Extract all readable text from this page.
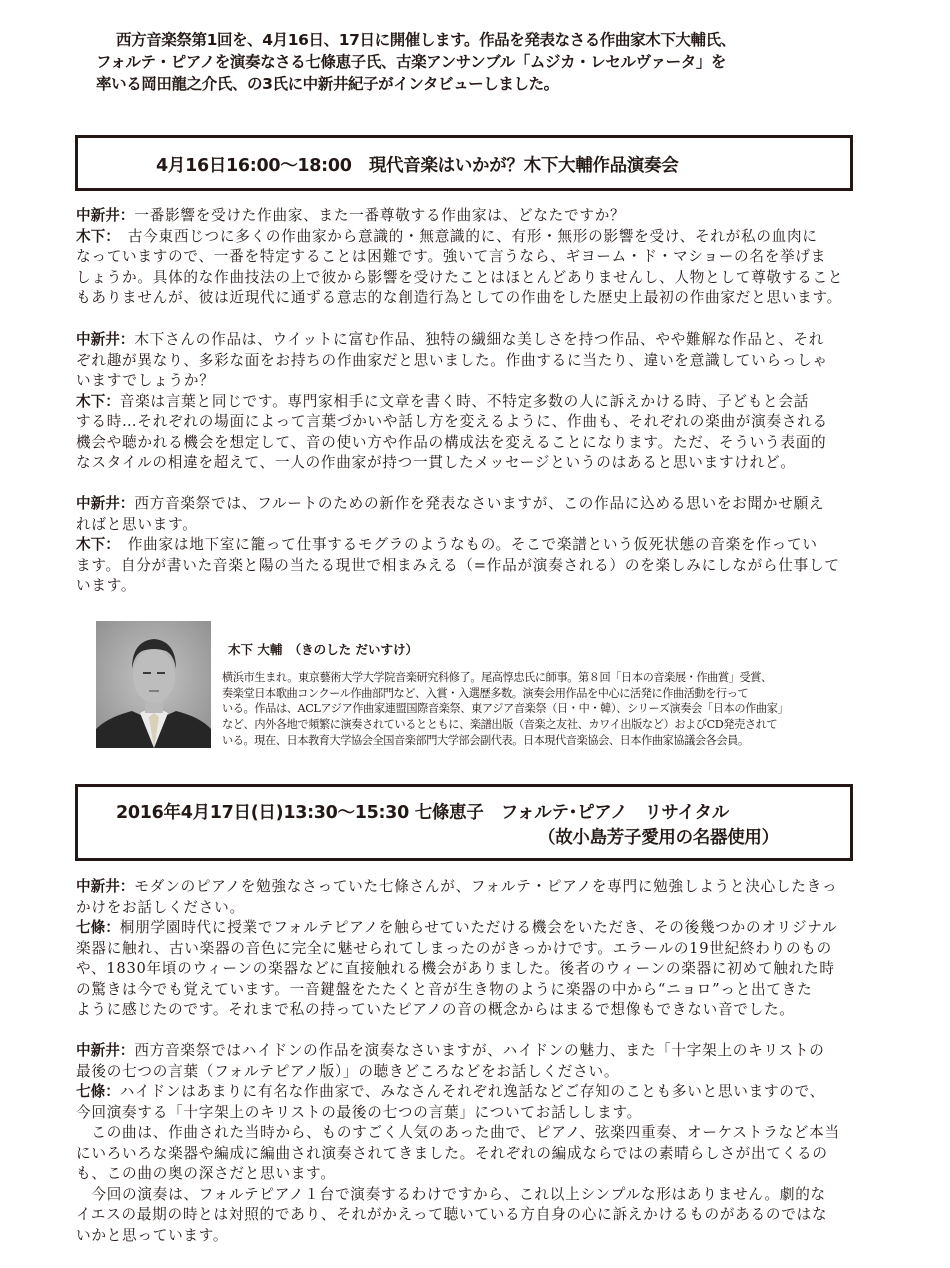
西方音楽祭第1回を、4月16日、17日に開催します。作品を発表なさる作曲家木下大輔氏、

フォルテ・ピアノを演奏なさる七條恵子氏、古楽アンサンブル「ムジカ・レセルヴァータ」を

率いる岡田龍之介氏、の3氏に中新井紀子がインタビューしました。

4月16日16:00～18:00　現代音楽はいかが？木下大輔作品演奏会

中新井：一番影響を受けた作曲家、また一番尊敬する作曲家は、どなたですか？

木下：　古今東西じつに多くの作曲家から意識的・無意識的に、有形・無形の影響を受け、それが私の血肉に

なっていますので、一番を特定することは困難です。強いて言うなら、ギヨーム・ド・マショーの名を挙げま

しょうか。具体的な作曲技法の上で彼から影響を受けたことはほとんどありませんし、人物として尊敬すること

もありませんが、彼は近現代に通ずる意志的な創造行為としての作曲をした歴史上最初の作曲家だと思います。

中新井：木下さんの作品は、ウイットに富む作品、独特の繊細な美しさを持つ作品、やや難解な作品と、それ

ぞれ趣が異なり、多彩な面をお持ちの作曲家だと思いました。作曲するに当たり、違いを意識していらっしゃ

いますでしょうか？

木下：音楽は言葉と同じです。専門家相手に文章を書く時、不特定多数の人に訴えかける時、子どもと会話

する時…それぞれの場面によって言葉づかいや話し方を変えるように、作曲も、それぞれの楽曲が演奏される

機会や聴かれる機会を想定して、音の使い方や作品の構成法を変えることになります。ただ、そういう表面的

なスタイルの相違を超えて、一人の作曲家が持つ一貫したメッセージというのはあると思いますけれど。

中新井：西方音楽祭では、フルートのための新作を発表なさいますが、この作品に込める思いをお聞かせ願え

ればと思います。

木下：　作曲家は地下室に籠って仕事するモグラのようなもの。そこで楽譜という仮死状態の音楽を作ってい

ます。自分が書いた音楽と陽の当たる現世で相まみえる（=作品が演奏される）のを楽しみにしながら仕事して

います。

木下 大輔　（きのした だいすけ）

横浜市生まれ。東京藝術大学大学院音楽研究科修了。尾高惇忠氏に師事。第８回「日本の音楽展・作曲賞」受賞、

奏楽堂日本歌曲コンクール作曲部門など、入賞・入選歴多数。演奏会用作品を中心に活発に作曲活動を行って

いる。作品は、ACLアジア作曲家連盟国際音楽祭、東アジア音楽祭（日・中・韓）、シリーズ演奏会「日本の作曲家」

など、内外各地で頻繁に演奏されているとともに、楽譜出版（音楽之友社、カワイ出版など）およびCD発売されて

いる。現在、日本教育大学協会全国音楽部門大学部会副代表。日本現代音楽協会、日本作曲家協議会各会員。

2016年4月17日(日)13:30～15:30 七條恵子　フォルテ･ピアノ　リサイタル
（故小島芳子愛用の名器使用）

中新井：モダンのピアノを勉強なさっていた七條さんが、フォルテ・ピアノを専門に勉強しようと決心したきっ

かけをお話しください。

七條：桐朋学園時代に授業でフォルテピアノを触らせていただける機会をいただき、その後幾つかのオリジナル

楽器に触れ、古い楽器の音色に完全に魅せられてしまったのがきっかけです。エラールの19世紀終わりのもの

や、1830年頃のウィーンの楽器などに直接触れる機会がありました。後者のウィーンの楽器に初めて触れた時

の驚きは今でも覚えています。一音鍵盤をたたくと音が生き物のように楽器の中から“ニョロ”っと出てきた

ように感じたのです。それまで私の持っていたピアノの音の概念からはまるで想像もできない音でした。

中新井：西方音楽祭ではハイドンの作品を演奏なさいますが、ハイドンの魅力、また「十字架上のキリストの

最後の七つの言葉（フォルテピアノ版）」の聴きどころなどをお話しください。

七條：ハイドンはあまりに有名な作曲家で、みなさんそれぞれ逸話などご存知のことも多いと思いますので、

今回演奏する「十字架上のキリストの最後の七つの言葉」についてお話しします。

　この曲は、作曲された当時から、ものすごく人気のあった曲で、ピアノ、弦楽四重奏、オーケストラなど本当

にいろいろな楽器や編成に編曲され演奏されてきました。それぞれの編成ならではの素晴らしさが出てくるの

も、この曲の奥の深さだと思います。

　今回の演奏は、フォルテピアノ１台で演奏するわけですから、これ以上シンプルな形はありません。劇的な

イエスの最期の時とは対照的であり、それがかえって聴いている方自身の心に訴えかけるものがあるのではな

いかと思っています。
